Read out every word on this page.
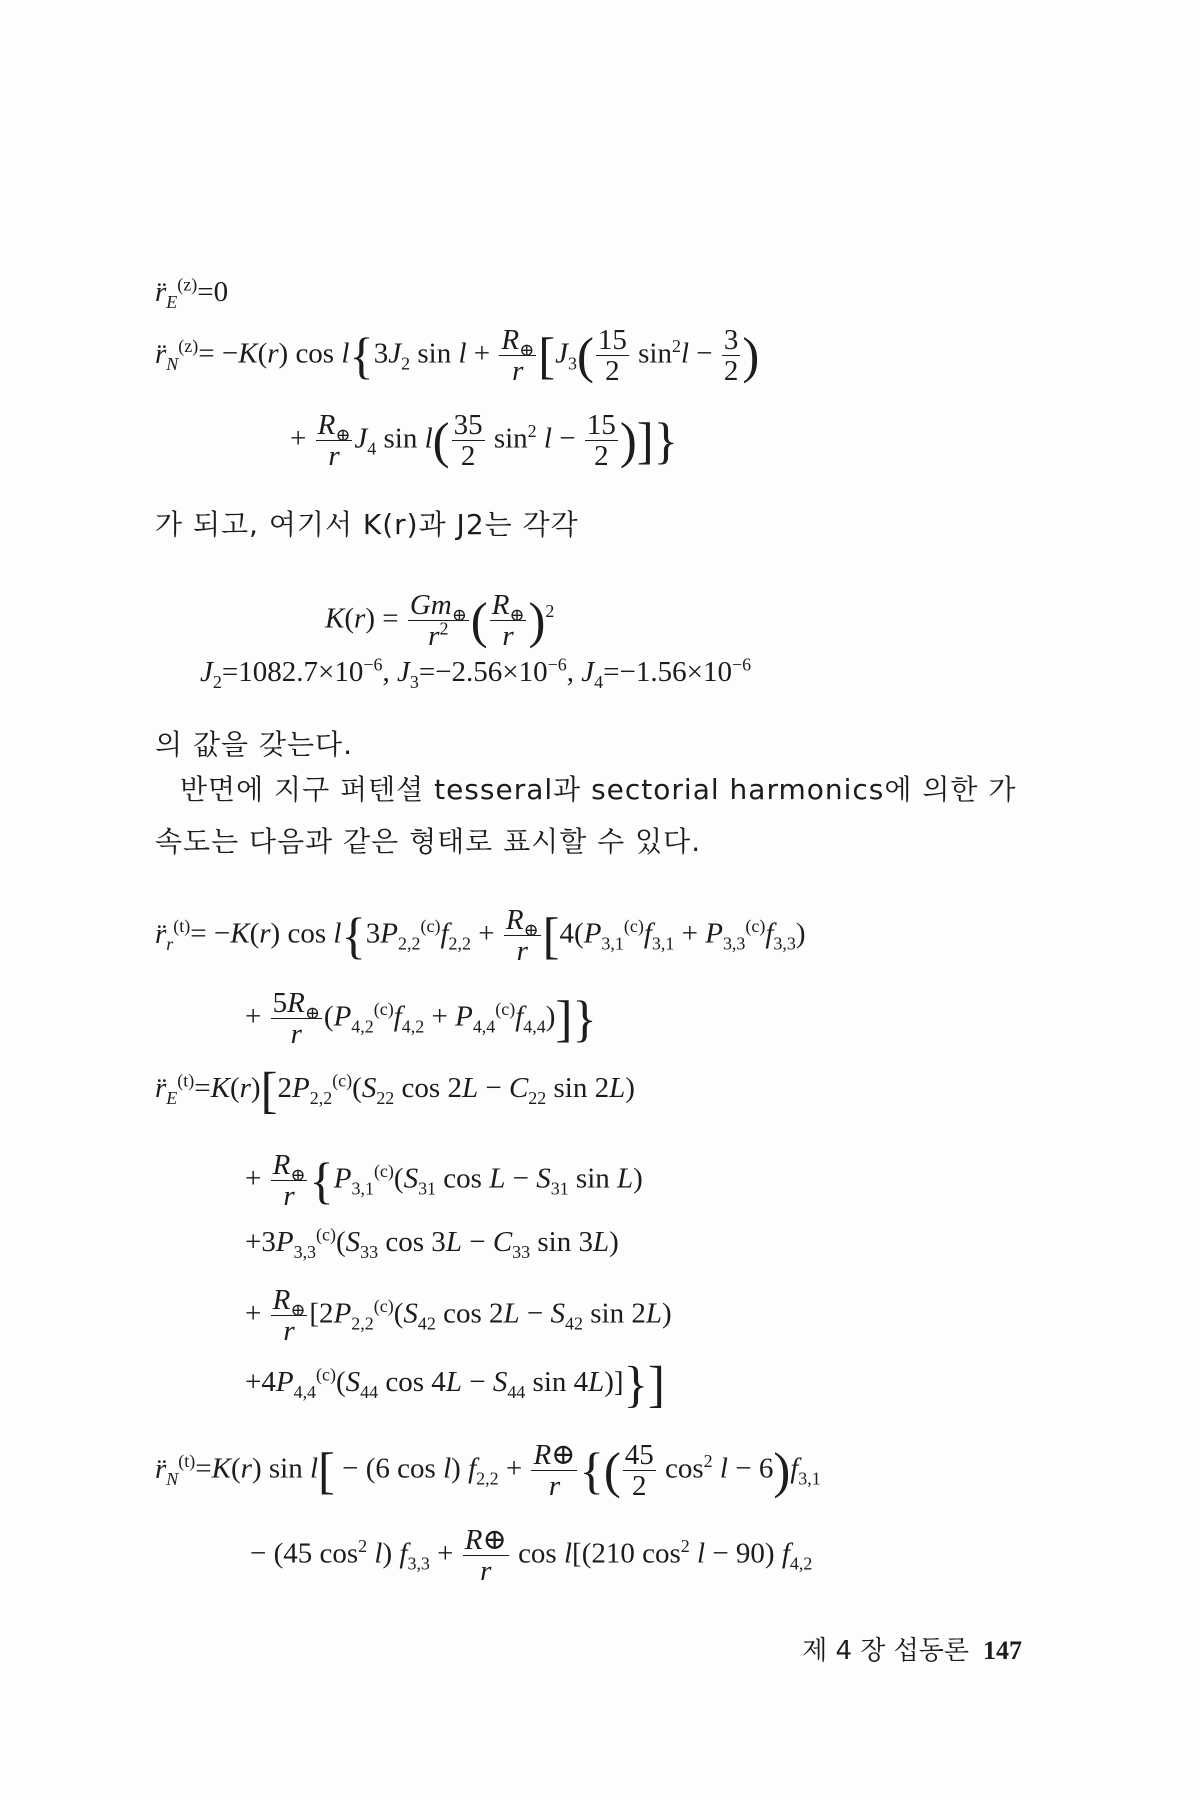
$r̈_E^{(z)}=0$
$r̈_N^{(z)}= -K(r)$ $\cos l\{3J_2$ $\sin l + \frac{R_\oplus}{r} [J_3( \frac{15}{2} \sin^2l - \frac{3}{2}$ )
+ $\frac{R_\oplus}{r} J_4$ $\sin l( \frac{35}{2} \sin^2 l - \frac{15}{2}$ )]}
가 되고, 여기서 K(r)과 J2는 각각
$K(r) = \frac{Gm_\oplus}{r^2}$ ( $\frac{R_\oplus}{r} )^2$
$J_2=1082.7\times 10^{-6}$, $J_3=-2.56\times 10^{-6}$, $J_4=-1.56\times 10^{-6}$
의 값을 갖는다.
반면에 지구 퍼텐셜 tesseral과 sectorial harmonics에 의한 가
속도는 다음과 같은 형태로 표시할 수 있다.
$r̈_r^{(t)}= -K(r)$ $\cos l\{3P_{2,2}^{(c)}f_{2,2} + \frac{R_\oplus}{r} [4(P_{3,1}^{(c)}f_{3,1} + P_{3,3}^{(c)}f_{3,3})$
+ $\frac{5R_\oplus}{r} (P_{4,2}^{(c)}f_{4,2} + P_{4,4}^{(c)}f_{4,4})$]}
$r̈_E^{(t)}=K(r)[2P_{2,2}^{(c)}(S_{22}$ $\cos 2L - C_{22}$ sin 2L)
+ $\frac{R_\oplus}{r} \{P_{3,1}^{(c)}(S_{31}$ $\cos L - S_{31}$ sin L)
$+3P_{3,3}^{(c)}(S_{33}$ $\cos 3L - C_{33}$ sin 3L)
+ $\frac{R_\oplus}{r} [2P_{2,2}^{(c)}(S_{42}$ $\cos 2L - S_{42}$ sin 2L)
$+4P_{4,4}^{(c)}(S_{44}$ $\cos 4L - S_{44}$ sin 4L)]}]
$r̈_N^{(t)}=K(r)$ sin l[ − (6 cos l) $f_{2,2} + \frac{R\oplus}{r}$ {( $\frac{45}{2} \cos^2 l - 6)f_{3,1}$
− (45 $\cos^2 l$) $f_{3,3} + \frac{R\oplus}{r}$ cos l[(210 $\cos^2 l - 90$) $f_{4,2}$
제 4 장 섭동론 147
